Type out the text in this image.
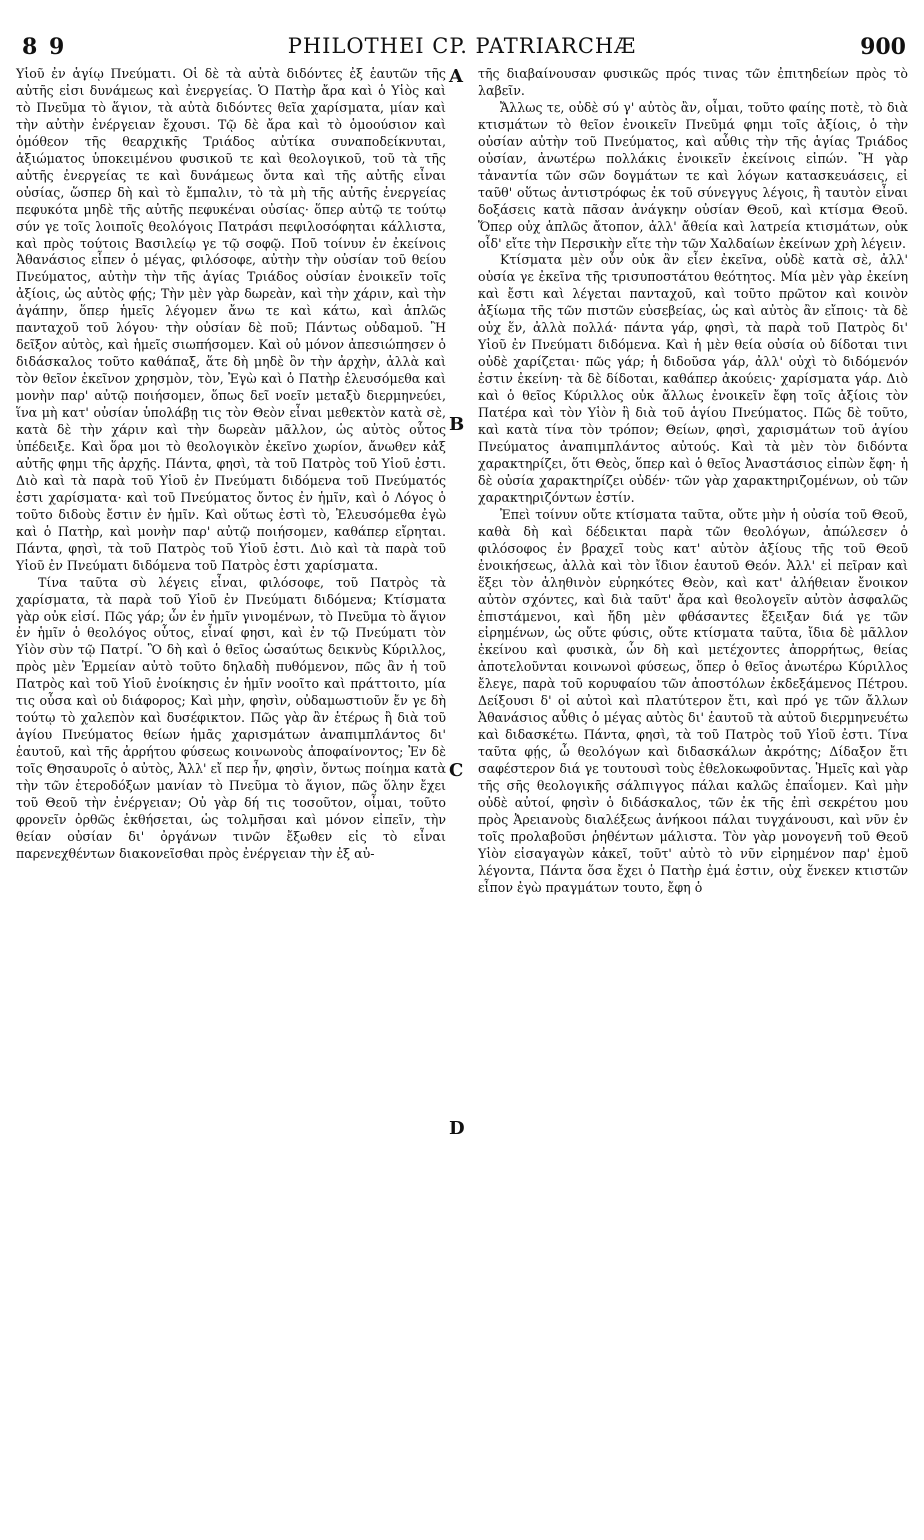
8 9	PHILOTHEI CP. PATRIARCHÆ	900

Υἱοῦ ἐν ἁγίῳ Πνεύματι. Οἱ δὲ τὰ αὐτὰ διδόντες ἐξ ἑαυτῶν τῆς αὐτῆς εἰσι δυνάμεως καὶ ἐνεργείας. Ὁ Πατὴρ ἄρα καὶ ὁ Υἱὸς καὶ τὸ Πνεῦμα τὸ ἅγιον, τὰ αὐτὰ διδόντες θεῖα χαρίσματα, μίαν καὶ τὴν αὐτὴν ἐνέργειαν ἔχουσι. Τῷ δὲ ἄρα καὶ τὸ ὁμοούσιον καὶ ὁμόθεον τῆς θεαρχικῆς Τριάδος αὐτίκα συναποδείκνυται, ἀξιώματος ὑποκειμένου φυσικοῦ τε καὶ θεολογικοῦ, τοῦ τὰ τῆς αὐτῆς ἐνεργείας τε καὶ δυνάμεως ὄντα καὶ τῆς αὐτῆς εἶναι οὐσίας, ὥσπερ δὴ καὶ τὸ ἔμπαλιν, τὸ τὰ μὴ τῆς αὐτῆς ἐνεργείας πεφυκότα μηδὲ τῆς αὐτῆς πεφυκέναι οὐσίας· ὅπερ αὐτῷ τε τούτῳ σύν γε τοῖς λοιποῖς θεολόγοις Πατράσι πεφιλοσόφηται κάλλιστα, καὶ πρὸς τούτοις Βασιλείῳ γε τῷ σοφῷ. Ποῦ τοίνυν ἐν ἐκείνοις Ἀθανάσιος εἶπεν ὁ μέγας, φιλόσοφε, αὐτὴν τὴν οὐσίαν τοῦ θείου Πνεύματος, αὐτὴν τὴν τῆς ἁγίας Τριάδος οὐσίαν ἐνοικεῖν τοῖς ἀξίοις, ὡς αὐτὸς φῄς; Τὴν μὲν γὰρ δωρεὰν, καὶ τὴν χάριν, καὶ τὴν ἀγάπην, ὅπερ ἡμεῖς λέγομεν ἄνω τε καὶ κάτω, καὶ ἁπλῶς πανταχοῦ τοῦ λόγου· τὴν οὐσίαν δὲ ποῦ; Πάντως οὐδαμοῦ. Ἢ δεῖξον αὐτὸς, καὶ ἡμεῖς σιωπήσομεν. Καὶ οὐ μόνον ἀπεσιώπησεν ὁ διδάσκαλος τοῦτο καθάπαξ, ἅτε δὴ μηδὲ ὂν τὴν ἀρχὴν, ἀλλὰ καὶ τὸν θεῖον ἐκεῖνον χρησμὸν, τὸν, Ἐγὼ καὶ ὁ Πατὴρ ἐλευσόμεθα καὶ μονὴν παρ' αὐτῷ ποιήσομεν, ὅπως δεῖ νοεῖν μεταξὺ διερμηνεύει, ἵνα μὴ κατ' οὐσίαν ὑπολάβῃ τις τὸν Θεὸν εἶναι μεθεκτὸν κατὰ σὲ, κατὰ δὲ τὴν χάριν καὶ τὴν δωρεὰν μᾶλλον, ὡς αὐτὸς οὗτος ὑπέδειξε. Καὶ ὅρα μοι τὸ θεολογικὸν ἐκεῖνο χωρίον, ἄνωθεν κἀξ αὐτῆς φημι τῆς ἀρχῆς. Πάντα, φησὶ, τὰ τοῦ Πατρὸς τοῦ Υἱοῦ ἐστι. Διὸ καὶ τὰ παρὰ τοῦ Υἱοῦ ἐν Πνεύματι διδόμενα τοῦ Πνεύματός ἐστι χαρίσματα· καὶ τοῦ Πνεύματος ὄντος ἐν ἡμῖν, καὶ ὁ Λόγος ὁ τοῦτο διδοὺς ἔστιν ἐν ἡμῖν. Καὶ οὕτως ἐστὶ τὸ, Ἐλευσόμεθα ἐγὼ καὶ ὁ Πατὴρ, καὶ μονὴν παρ' αὐτῷ ποιήσομεν, καθάπερ εἴρηται. Πάντα, φησὶ, τὰ τοῦ Πατρὸς τοῦ Υἱοῦ ἐστι. Διὸ καὶ τὰ παρὰ τοῦ Υἱοῦ ἐν Πνεύματι διδόμενα τοῦ Πατρὸς ἐστι χαρίσματα.

Τίνα ταῦτα σὺ λέγεις εἶναι, φιλόσοφε, τοῦ Πατρὸς τὰ χαρίσματα, τὰ παρὰ τοῦ Υἱοῦ ἐν Πνεύματι διδόμενα; Κτίσματα γὰρ οὐκ εἰσί. Πῶς γάρ; ὧν ἐν ἡμῖν γινομένων, τὸ Πνεῦμα τὸ ἅγιον ἐν ἡμῖν ὁ θεολόγος οὗτος, εἶναί φησι, καὶ ἐν τῷ Πνεύματι τὸν Υἱὸν σὺν τῷ Πατρί. Ὃ δὴ καὶ ὁ θεῖος ὡσαύτως δεικνὺς Κύριλλος, πρὸς μὲν Ἑρμείαν αὐτὸ τοῦτο δηλαδὴ πυθόμενον, πῶς ἂν ἡ τοῦ Πατρὸς καὶ τοῦ Υἱοῦ ἐνοίκησις ἐν ἡμῖν νοοῖτο καὶ πράττοιτο, μία τις οὖσα καὶ οὐ διάφορος; Καὶ μὴν, φησὶν, οὐδαμωστιοῦν ἔν γε δὴ τούτῳ τὸ χαλεπὸν καὶ δυσέφικτον. Πῶς γὰρ ἂν ἑτέρως ἢ διὰ τοῦ ἁγίου Πνεύματος θείων ἡμᾶς χαρισμάτων ἀναπιμπλάντος δι' ἑαυτοῦ, καὶ τῆς ἀρρήτου φύσεως κοινωνοὺς ἀποφαίνοντος; Ἐν δὲ τοῖς Θησαυροῖς ὁ αὐτὸς, Ἀλλ' εἴ περ ἦν, φησὶν, ὄντως ποίημα κατὰ τὴν τῶν ἑτεροδόξων μανίαν τὸ Πνεῦμα τὸ ἅγιον, πῶς ὅλην ἔχει τοῦ Θεοῦ τὴν ἐνέργειαν; Οὐ γὰρ δή τις τοσοῦτον, οἶμαι, τοῦτο φρονεῖν ὀρθῶς ἐκθήσεται, ὡς τολμῆσαι καὶ μόνον εἰπεῖν, τὴν θείαν οὐσίαν δι' ὀργάνων τινῶν ἔξωθεν εἰς τὸ εἶναι παρενεχθέντων διακονεῖσθαι πρὸς ἐνέργειαν τὴν ἐξ αὐ-

A
B
C
D

τῆς διαβαίνουσαν φυσικῶς πρός τινας τῶν ἐπιτηδείων πρὸς τὸ λαβεῖν.

Ἄλλως τε, οὐδὲ σύ γ' αὐτὸς ἂν, οἶμαι, τοῦτο φαίης ποτὲ, τὸ διὰ κτισμάτων τὸ θεῖον ἐνοικεῖν Πνεῦμά φημι τοῖς ἀξίοις, ὁ τὴν οὐσίαν αὐτὴν τοῦ Πνεύματος, καὶ αὖθις τὴν τῆς ἁγίας Τριάδος οὐσίαν, ἀνωτέρω πολλάκις ἐνοικεῖν ἐκείνοις εἰπών. Ἢ γὰρ τἀναντία τῶν σῶν δογμάτων τε καὶ λόγων κατασκευάσεις, εἰ ταῦθ' οὕτως ἀντιστρόφως ἐκ τοῦ σύνεγγυς λέγοις, ἢ ταυτὸν εἶναι δοξάσεις κατὰ πᾶσαν ἀνάγκην οὐσίαν Θεοῦ, καὶ κτίσμα Θεοῦ. Ὅπερ οὐχ ἁπλῶς ἄτοπον, ἀλλ' ἄθεία καὶ λατρεία κτισμάτων, οὐκ οἶδ' εἴτε τὴν Περσικὴν εἴτε τὴν τῶν Χαλδαίων ἐκείνων χρὴ λέγειν.

Κτίσματα μὲν οὖν οὐκ ἂν εἶεν ἐκεῖνα, οὐδὲ κατὰ σὲ, ἀλλ' οὐσία γε ἐκεῖνα τῆς τρισυποστάτου θεότητος. Μία μὲν γὰρ ἐκείνη καὶ ἔστι καὶ λέγεται πανταχοῦ, καὶ τοῦτο πρῶτον καὶ κοινὸν ἀξίωμα τῆς τῶν πιστῶν εὐσεβείας, ὡς καὶ αὐτὸς ἂν εἴποις· τὰ δὲ οὐχ ἕν, ἀλλὰ πολλά· πάντα γάρ, φησὶ, τὰ παρὰ τοῦ Πατρὸς δι' Υἱοῦ ἐν Πνεύματι διδόμενα. Καὶ ἡ μὲν θεία οὐσία οὐ δίδοται τινι οὐδὲ χαρίζεται· πῶς γάρ; ἡ διδοῦσα γάρ, ἀλλ' οὐχὶ τὸ διδόμενόν ἐστιν ἐκείνη· τὰ δὲ δίδοται, καθάπερ ἀκούεις· χαρίσματα γάρ. Διὸ καὶ ὁ θεῖος Κύριλλος οὐκ ἄλλως ἐνοικεῖν ἔφη τοῖς ἀξίοις τὸν Πατέρα καὶ τὸν Υἱὸν ἢ διὰ τοῦ ἁγίου Πνεύματος. Πῶς δὲ τοῦτο, καὶ κατὰ τίνα τὸν τρόπον; Θείων, φησὶ, χαρισμάτων τοῦ ἁγίου Πνεύματος ἀναπιμπλάντος αὐτούς. Καὶ τὰ μὲν τὸν διδόντα χαρακτηρίζει, ὅτι Θεὸς, ὅπερ καὶ ὁ θεῖος Ἀναστάσιος εἰπὼν ἔφη· ἡ δὲ οὐσία χαρακτηρίζει οὐδέν· τῶν γὰρ χαρακτηριζομένων, οὐ τῶν χαρακτηριζόντων ἐστίν.

Ἐπεὶ τοίνυν οὔτε κτίσματα ταῦτα, οὔτε μὴν ἡ οὐσία τοῦ Θεοῦ, καθὰ δὴ καὶ δέδεικται παρὰ τῶν θεολόγων, ἀπώλεσεν ὁ φιλόσοφος ἐν βραχεῖ τοὺς κατ' αὐτὸν ἀξίους τῆς τοῦ Θεοῦ ἐνοικήσεως, ἀλλὰ καὶ τὸν ἴδιον ἑαυτοῦ Θεόν. Ἀλλ' εἰ πεῖραν καὶ ἕξει τὸν ἀληθινὸν εὑρηκότες Θεὸν, καὶ κατ' ἀλήθειαν ἔνοικον αὐτὸν σχόντες, καὶ διὰ ταῦτ' ἄρα καὶ θεολογεῖν αὐτὸν ἀσφαλῶς ἐπιστάμενοι, καὶ ἤδη μὲν φθάσαντες ἔξειξαν διά γε τῶν εἰρημένων, ὡς οὔτε φύσις, οὔτε κτίσματα ταῦτα, ἴδια δὲ μᾶλλον ἐκείνου καὶ φυσικὰ, ὧν δὴ καὶ μετέχοντες ἀπορρήτως, θείας ἀποτελοῦνται κοινωνοὶ φύσεως, ὅπερ ὁ θεῖος ἀνωτέρω Κύριλλος ἔλεγε, παρὰ τοῦ κορυφαίου τῶν ἀποστόλων ἐκδεξάμενος Πέτρου. Δείξουσι δ' οἱ αὐτοὶ καὶ πλατύτερον ἔτι, καὶ πρό γε τῶν ἄλλων Ἀθανάσιος αὖθις ὁ μέγας αὐτὸς δι' ἑαυτοῦ τὰ αὐτοῦ διερμηνευέτω καὶ διδασκέτω. Πάντα, φησὶ, τὰ τοῦ Πατρὸς τοῦ Υἱοῦ ἐστι. Τίνα ταῦτα φῄς, ὦ θεολόγων καὶ διδασκάλων ἀκρότης; Δίδαξον ἔτι σαφέστερον διά γε τουτουσὶ τοὺς ἐθελοκωφοῦντας. Ἡμεῖς καὶ γὰρ τῆς σῆς θεολογικῆς σάλπιγγος πάλαι καλῶς ἐπαΐομεν. Καὶ μὴν οὐδὲ αὐτοί, φησὶν ὁ διδάσκαλος, τῶν ἐκ τῆς ἐπὶ σεκρέτου μου πρὸς Ἀρειανοὺς διαλέξεως ἀνήκοοι πάλαι τυγχάνουσι, καὶ νῦν ἐν τοῖς προλαβοῦσι ῥηθέντων μάλιστα. Τὸν γὰρ μονογενῆ τοῦ Θεοῦ Υἱὸν εἰσαγαγὼν κἀκεῖ, τοῦτ' αὐτὸ τὸ νῦν εἰρημένον παρ' ἐμοῦ λέγοντα, Πάντα ὅσα ἔχει ὁ Πατὴρ ἐμά ἐστιν, οὐχ ἕνεκεν κτιστῶν εἶπον ἐγὼ πραγμάτων τουτο, ἔφη ὁ
